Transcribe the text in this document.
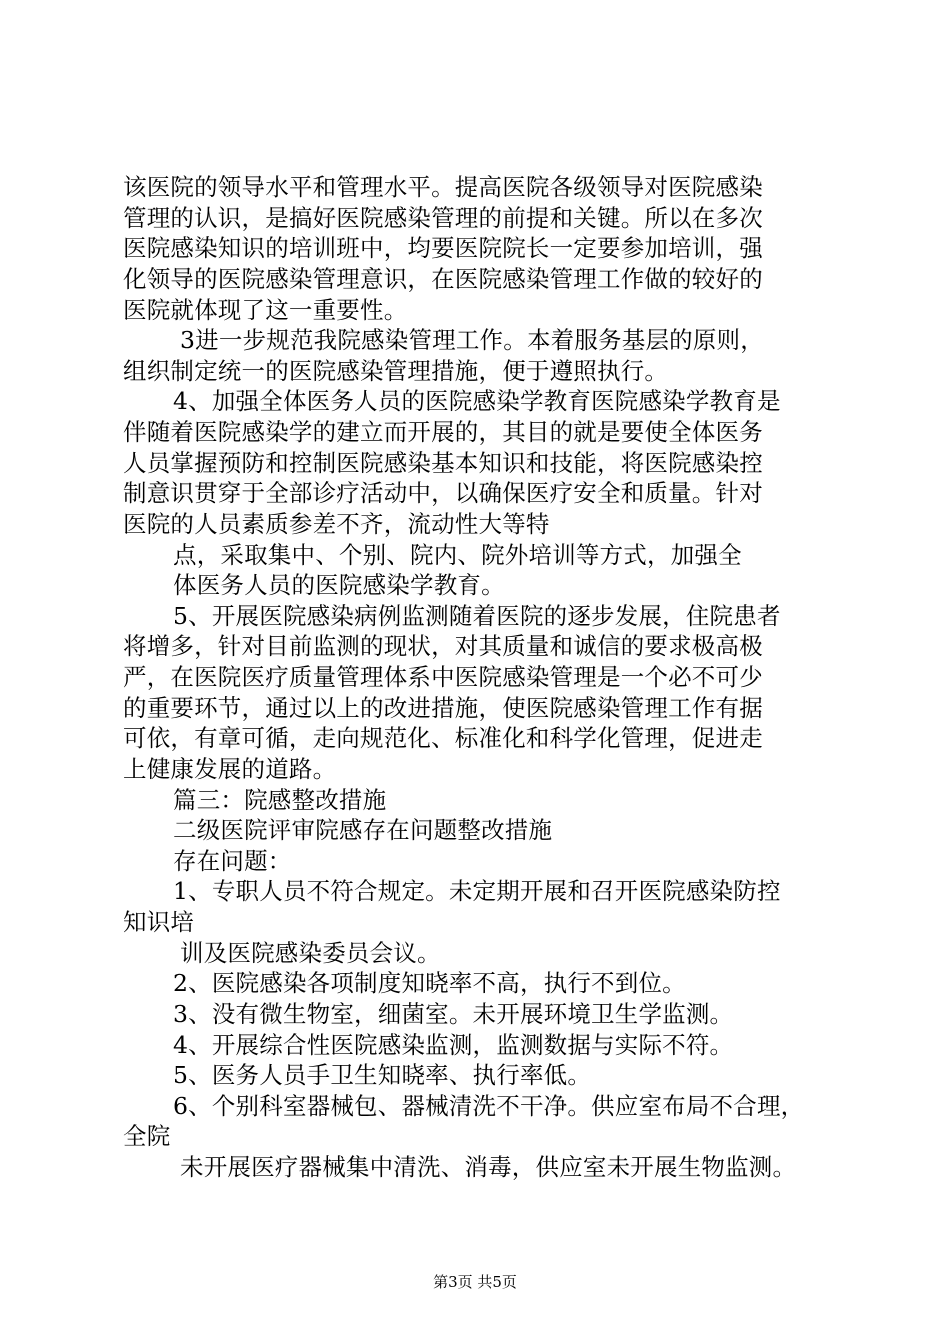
该医院的领导水平和管理水平。提高医院各级领导对医院感染
管理的认识，是搞好医院感染管理的前提和关键。所以在多次
医院感染知识的培训班中，均要医院院长一定要参加培训，强
化领导的医院感染管理意识，在医院感染管理工作做的较好的
医院就体现了这一重要性。
3进一步规范我院感染管理工作。本着服务基层的原则，
组织制定统一的医院感染管理措施，便于遵照执行。
4、加强全体医务人员的医院感染学教育医院感染学教育是
伴随着医院感染学的建立而开展的，其目的就是要使全体医务
人员掌握预防和控制医院感染基本知识和技能，将医院感染控
制意识贯穿于全部诊疗活动中，以确保医疗安全和质量。针对
医院的人员素质参差不齐，流动性大等特
点，采取集中、个别、院内、院外培训等方式，加强全
体医务人员的医院感染学教育。
5、开展医院感染病例监测随着医院的逐步发展，住院患者
将增多，针对目前监测的现状，对其质量和诚信的要求极高极
严，在医院医疗质量管理体系中医院感染管理是一个必不可少
的重要环节，通过以上的改进措施，使医院感染管理工作有据
可依，有章可循，走向规范化、标准化和科学化管理，促进走
上健康发展的道路。
篇三：院感整改措施
二级医院评审院感存在问题整改措施
存在问题：
1、专职人员不符合规定。未定期开展和召开医院感染防控
知识培
训及医院感染委员会议。
2、医院感染各项制度知晓率不高，执行不到位。
3、没有微生物室，细菌室。未开展环境卫生学监测。
4、开展综合性医院感染监测，监测数据与实际不符。
5、医务人员手卫生知晓率、执行率低。
6、个别科室器械包、器械清洗不干净。供应室布局不合理，
全院
未开展医疗器械集中清洗、消毒，供应室未开展生物监测。
第3页 共5页
